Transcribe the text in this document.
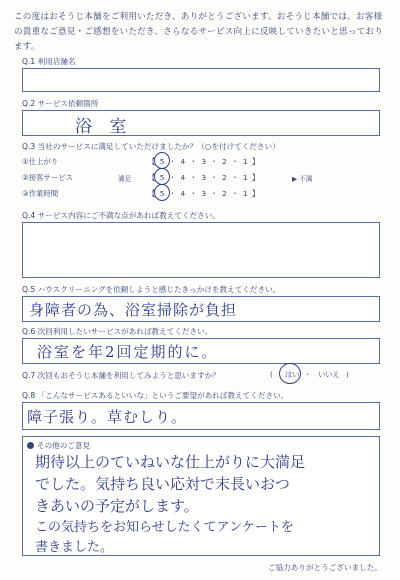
この度はおそうじ本舗をご利用いただき、ありがとうございます。おそうじ本舗では、お客様の貴重なご意見・ご感想をいただき、さらなるサービス向上に反映していきたいと思っております。
Q.1 利用店舗名
Q.2 サービス依頼箇所
浴 室
Q.3 当社のサービスに満足していただけましたか？（○を付けてください）
①仕上がり	【 5 ・ 4 ・ 3 ・ 2 ・ 1 】
②接客サービス	満足 【 5 ・ 4 ・ 3 ・ 2 ・ 1 】	▶ 不満
③作業時間	【 5 ・ 4 ・ 3 ・ 2 ・ 1 】
Q.4 サービス内容にご不満な点があれば教えてください。
Q.5 ハウスクリーニングを依頼しようと感じたきっかけを教えてください。
身障者の為、浴室掃除が負担
Q.6 次回利用したいサービスがあれば教えてください。
浴室を年2回定期的に。
Q.7 次回もおそうじ本舗を利用してみようと思いますか？	( はい ・ いいえ )
Q.8 「こんなサービスあるといいな」というご要望があれば教えてください。
障子張り。草むしり。
その他のご意見
期待以上のていねいな仕上がりに大満足
でした。気持ち良い応対で末長いおつ
きあいの予定がします。
この気持ちをお知らせしたくてアンケートを
書きました。
ご協力ありがとうございました。
